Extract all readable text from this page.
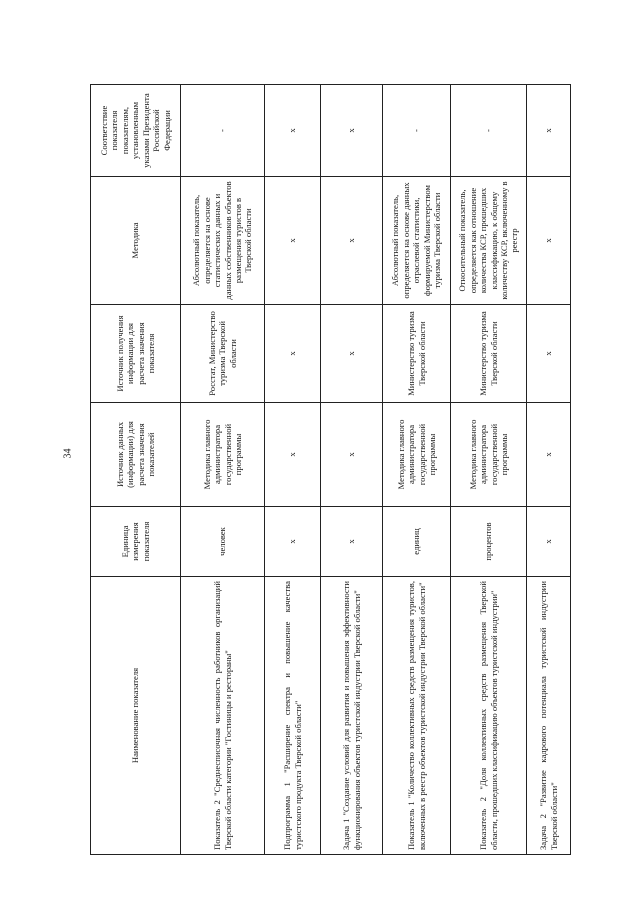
34
Наименование показателя	Единица измерения показателя	Источник данных (информации) для расчета значения показателей	Источник получения информации для расчета значения показателя	Методика	Соответствие показателя показателям, установленным указами Президента Российской Федерации
Показатель 2 "Среднесписочная численность работников организаций Тверской области категории "Гостиницы и рестораны"	человек	Методика главного администратора государственной программы	Росстат, Министерство туризма Тверской области	Абсолютный показатель, определяется на основе статистических данных и данных собственников объектов размещения туристов в Тверской области	-
Подпрограмма 1 "Расширение спектра и повышение качества туристского продукта Тверской области"	x	x	x	x	x
Задача 1 "Создание условий для развития и повышения эффективности функционирования объектов туристской индустрии Тверской области"	x	x	x	x	x
Показатель 1 "Количество коллективных средств размещения туристов, включенных в реестр объектов туристской индустрии Тверской области"	единиц	Методика главного администратора государственной программы	Министерство туризма Тверской области	Абсолютный показатель, определяется на основе данных отраслевой статистики, формируемой Министерством туризма Тверской области	-
Показатель 2 "Доля коллективных средств размещения Тверской области, прошедших классификацию объектов туристской индустрии"	процентов	Методика главного администратора государственной программы	Министерство туризма Тверской области	Относительный показатель, определяется как отношение количества КСР, прошедших классификацию, к общему количеству КСР, включенному в реестр	-
Задача 2 "Развитие кадрового потенциала туристской индустрии Тверской области"	x	x	x	x	x
